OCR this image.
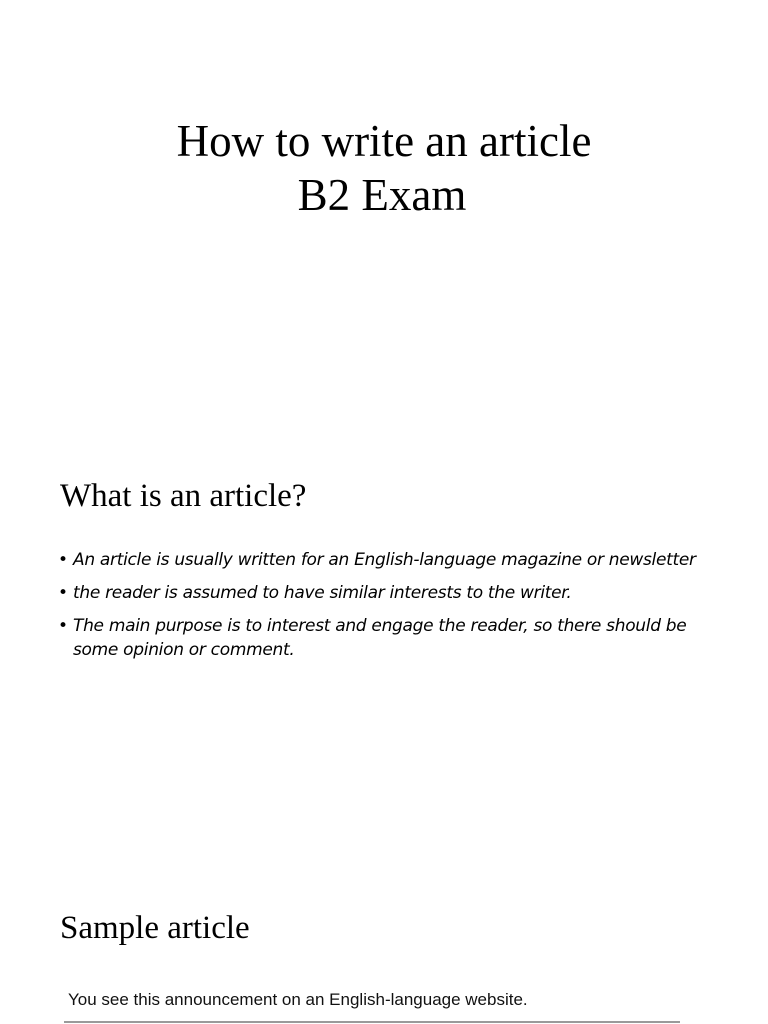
How to write an article
B2 Exam
What is an article?
• An article is usually written for an English-language magazine or newsletter
• the reader is assumed to have similar interests to the writer.
• The main purpose is to interest and engage the reader, so there should be some opinion or comment.
Sample article
You see this announcement on an English-language website.
